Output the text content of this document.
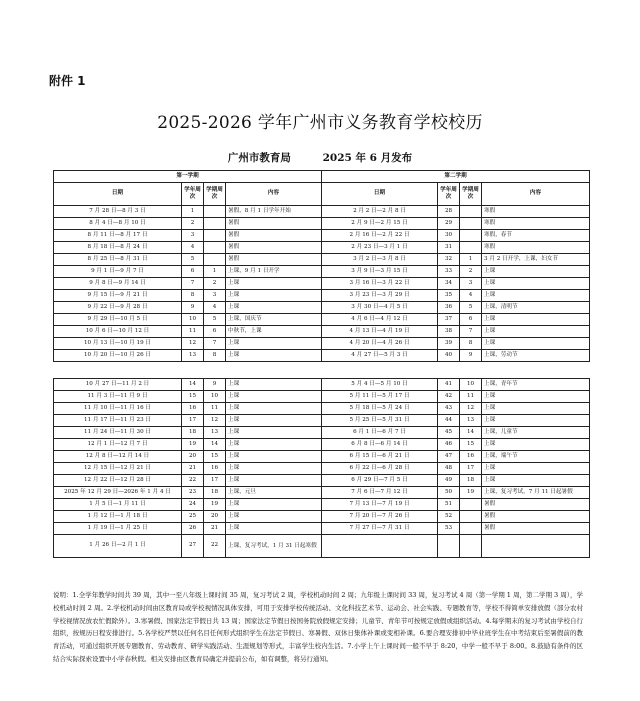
附件 1
2025-2026 学年广州市义务教育学校校历
广州市教育局	2025 年 6 月发布
第一学期				第二学期			
日期	学年周次	学期周次	内容	日期	学年周次	学期周次	内容
7 月 28 日—8 月 3 日	1		暑假，8 月 1 日学年开始	2 月 2 日—2 月 8 日	28		寒假
8 月 4 日—8 月 10 日	2		暑假	2 月 9 日—2 月 15 日	29		寒假
8 月 11 日—8 月 17 日	3		暑假	2 月 16 日—2 月 22 日	30		寒假，春节
8 月 18 日—8 月 24 日	4		暑假	2 月 23 日—3 月 1 日	31		寒假
8 月 25 日—8 月 31 日	5		暑假	3 月 2 日—3 月 8 日	32	1	3 月 2 日开学，上课，妇女节
9 月 1 日—9 月 7 日	6	1	上课，9 月 1 日开学	3 月 9 日—3 月 15 日	33	2	上课
9 月 8 日—9 月 14 日	7	2	上课	3 月 16 日—3 月 22 日	34	3	上课
9 月 15 日—9 月 21 日	8	3	上课	3 月 23 日—3 月 29 日	35	4	上课
9 月 22 日—9 月 28 日	9	4	上课	3 月 30 日—4 月 5 日	36	5	上课，清明节
9 月 29 日—10 月 5 日	10	5	上课，国庆节	4 月 6 日—4 月 12 日	37	6	上课
10 月 6 日—10 月 12 日	11	6	中秋节，上课	4 月 13 日—4 月 19 日	38	7	上课
10 月 13 日—10 月 19 日	12	7	上课	4 月 20 日—4 月 26 日	39	8	上课
10 月 20 日—10 月 26 日	13	8	上课	4 月 27 日—5 月 3 日	40	9	上课，劳动节

10 月 27 日—11 月 2 日	14	9	上课	5 月 4 日—5 月 10 日	41	10	上课，青年节
11 月 3 日—11 月 9 日	15	10	上课	5 月 11 日—5 月 17 日	42	11	上课
11 月 10 日—11 月 16 日	16	11	上课	5 月 18 日—5 月 24 日	43	12	上课
11 月 17 日—11 月 23 日	17	12	上课	5 月 25 日—5 月 31 日	44	13	上课
11 月 24 日—11 月 30 日	18	13	上课	6 月 1 日—6 月 7 日	45	14	上课，儿童节
12 月 1 日—12 月 7 日	19	14	上课	6 月 8 日—6 月 14 日	46	15	上课
12 月 8 日—12 月 14 日	20	15	上课	6 月 15 日—6 月 21 日	47	16	上课，端午节
12 月 15 日—12 月 21 日	21	16	上课	6 月 22 日—6 月 28 日	48	17	上课
12 月 22 日—12 月 28 日	22	17	上课	6 月 29 日—7 月 5 日	49	18	上课
2025 年 12 月 29 日—2026 年 1 月 4 日	23	18	上课，元旦	7 月 6 日—7 月 12 日	50	19	上课，复习考试，7 月 11 日起暑假
1 月 5 日—1 月 11 日	24	19	上课	7 月 13 日—7 月 19 日	51		暑假
1 月 12 日—1 月 18 日	25	20	上课	7 月 20 日—7 月 26 日	52		暑假
1 月 19 日—1 月 25 日	26	21	上课	7 月 27 日—7 月 31 日	53		暑假
1 月 26 日—2 月 1 日	27	22	上课，复习考试，1 月 31 日起寒假				
说明：1.全学年教学时间共 39 周，其中一至八年级上课时间 35 周，复习考试 2 周，学校机动时间 2 周；九年级上课时间 33 周，复习考试 4 周（第一学期 1 周，第二学期 3 周），学校机动时间 2 周。2.学校机动时间由区教育局或学校视情况具体安排，可用于安排学校传统活动、文化科技艺术节、运动会、社会实践、专题教育等，学校不得简单安排放假（部分农村学校视情况放农忙假除外）。3.寒暑假、国家法定节假日共 13 周；国家法定节假日按国务院放假规定安排；儿童节、青年节可按规定放假或组织活动。4.每学期末的复习考试由学校自行组织，按规历日程安排进行。5.各学校严禁以任何名目任何形式组织学生在法定节假日、寒暑假、双休日集体补课或变相补课。6.要合理安排初中毕业班学生在中考结束后至暑假前的教育活动，可通过组织开展专题教育、劳动教育、研学实践活动、生涯规划等形式，丰富学生校内生活。7.小学上午上课时间一般不早于 8:20，中学一般不早于 8:00。8.鼓励有条件的区结合实际探索设置中小学春秋假。相关安排由区教育局确定并提前公布，如有调整，将另行通知。
